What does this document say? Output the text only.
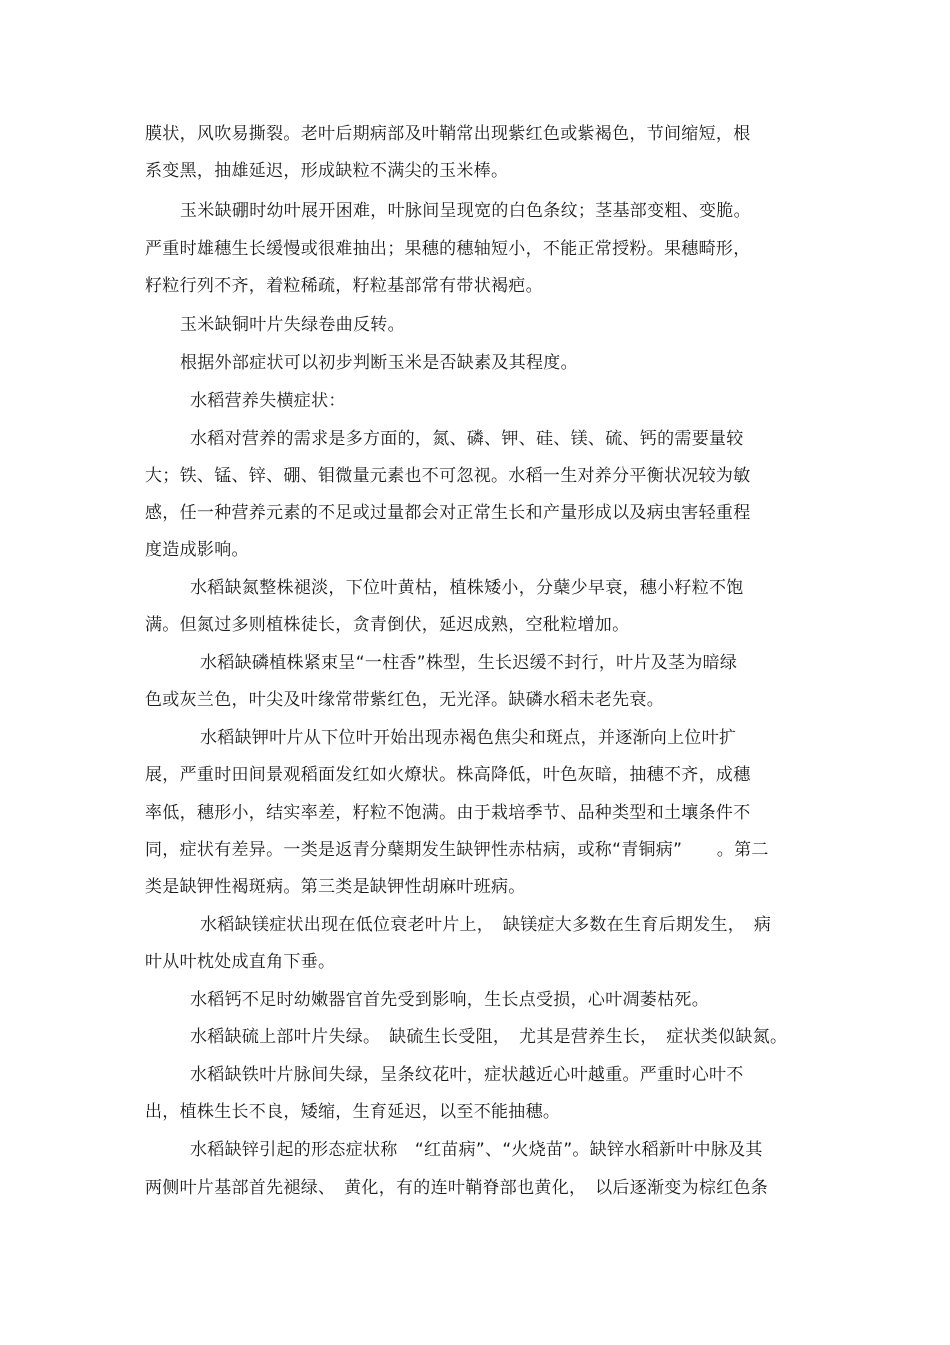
膜状，风吹易撕裂。老叶后期病部及叶鞘常出现紫红色或紫褐色，节间缩短，根
系变黑，抽雄延迟，形成缺粒不满尖的玉米棒。
玉米缺硼时幼叶展开困难，叶脉间呈现宽的白色条纹；茎基部变粗、变脆。
严重时雄穗生长缓慢或很难抽出；果穗的穗轴短小，不能正常授粉。果穗畸形，
籽粒行列不齐，着粒稀疏，籽粒基部常有带状褐疤。
玉米缺铜叶片失绿卷曲反转。
根据外部症状可以初步判断玉米是否缺素及其程度。
水稻营养失横症状：
水稻对营养的需求是多方面的，氮、磷、钾、硅、镁、硫、钙的需要量较
大；铁、锰、锌、硼、钼微量元素也不可忽视。水稻一生对养分平衡状况较为敏
感，任一种营养元素的不足或过量都会对正常生长和产量形成以及病虫害轻重程
度造成影响。
水稻缺氮整株褪淡，下位叶黄枯，植株矮小，分蘖少早衰，穗小籽粒不饱
满。但氮过多则植株徒长，贪青倒伏，延迟成熟，空秕粒增加。
水稻缺磷植株紧束呈“一柱香”株型，生长迟缓不封行，叶片及茎为暗绿
色或灰兰色，叶尖及叶缘常带紫红色，无光泽。缺磷水稻未老先衰。
水稻缺钾叶片从下位叶开始出现赤褐色焦尖和斑点，并逐渐向上位叶扩
展，严重时田间景观稻面发红如火燎状。株高降低，叶色灰暗，抽穗不齐，成穗
率低，穗形小，结实率差，籽粒不饱满。由于栽培季节、品种类型和土壤条件不
同，症状有差异。一类是返青分蘖期发生缺钾性赤枯病，或称“青铜病”　　。第二
类是缺钾性褐斑病。第三类是缺钾性胡麻叶班病。
水稻缺镁症状出现在低位衰老叶片上，　缺镁症大多数在生育后期发生，　病
叶从叶枕处成直角下垂。
水稻钙不足时幼嫩器官首先受到影响，生长点受损，心叶凋萎枯死。
水稻缺硫上部叶片失绿。　缺硫生长受阻，　尤其是营养生长，　症状类似缺氮。
水稻缺铁叶片脉间失绿，呈条纹花叶，症状越近心叶越重。严重时心叶不
出，植株生长不良，矮缩，生育延迟，以至不能抽穗。
水稻缺锌引起的形态症状称　“红苗病”、“火烧苗”。缺锌水稻新叶中脉及其
两侧叶片基部首先褪绿、　黄化，有的连叶鞘脊部也黄化，　以后逐渐变为棕红色条
